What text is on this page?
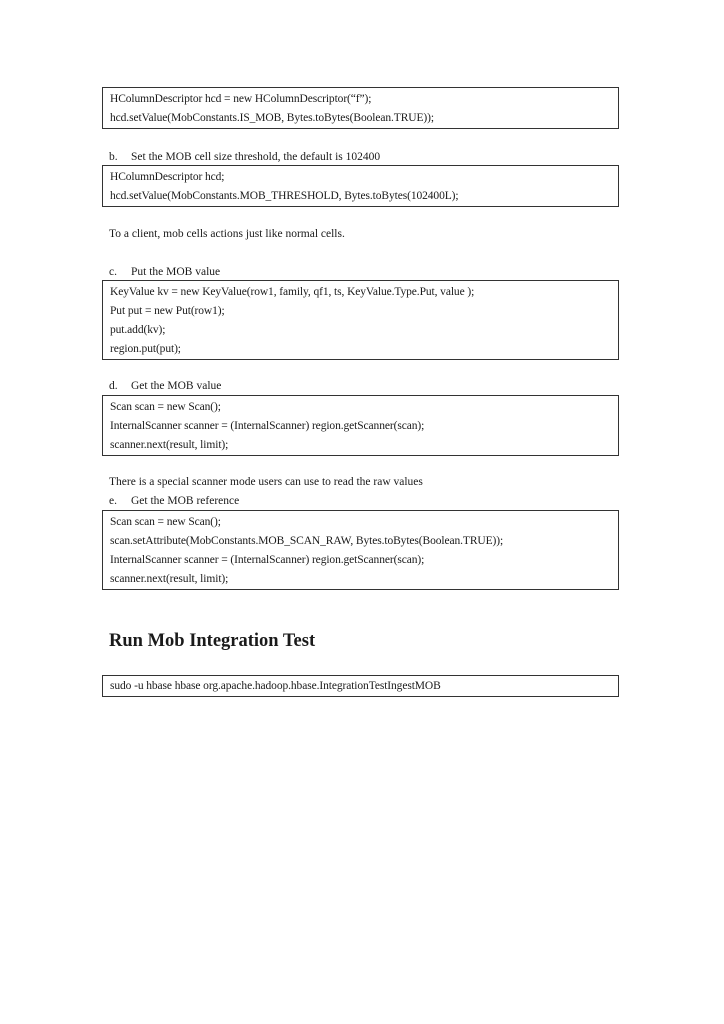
HColumnDescriptor hcd = new HColumnDescriptor(“f”);
hcd.setValue(MobConstants.IS_MOB, Bytes.toBytes(Boolean.TRUE));
b. Set the MOB cell size threshold, the default is 102400
HColumnDescriptor hcd;
hcd.setValue(MobConstants.MOB_THRESHOLD, Bytes.toBytes(102400L);
To a client, mob cells actions just like normal cells.
c. Put the MOB value
KeyValue kv = new KeyValue(row1, family, qf1, ts, KeyValue.Type.Put, value );
Put put = new Put(row1);
put.add(kv);
region.put(put);
d. Get the MOB value
Scan scan = new Scan();
InternalScanner scanner = (InternalScanner) region.getScanner(scan);
scanner.next(result, limit);
There is a special scanner mode users can use to read the raw values
e. Get the MOB reference
Scan scan = new Scan();
scan.setAttribute(MobConstants.MOB_SCAN_RAW, Bytes.toBytes(Boolean.TRUE));
InternalScanner scanner = (InternalScanner) region.getScanner(scan);
scanner.next(result, limit);
Run Mob Integration Test
sudo -u hbase hbase org.apache.hadoop.hbase.IntegrationTestIngestMOB
